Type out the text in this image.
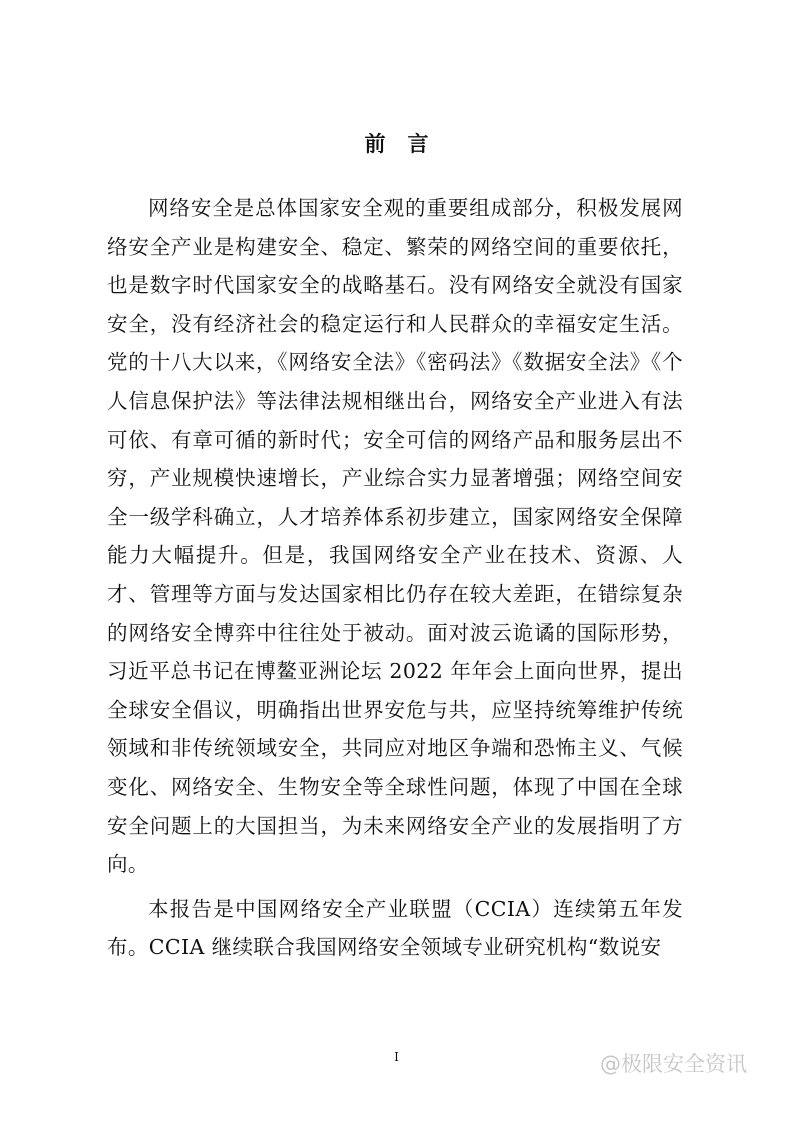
前言

网络安全是总体国家安全观的重要组成部分，积极发展网络安全产业是构建安全、稳定、繁荣的网络空间的重要依托，也是数字时代国家安全的战略基石。没有网络安全就没有国家安全，没有经济社会的稳定运行和人民群众的幸福安定生活。党的十八大以来，《网络安全法》《密码法》《数据安全法》《个人信息保护法》等法律法规相继出台，网络安全产业进入有法可依、有章可循的新时代；安全可信的网络产品和服务层出不穷，产业规模快速增长，产业综合实力显著增强；网络空间安全一级学科确立，人才培养体系初步建立，国家网络安全保障能力大幅提升。但是，我国网络安全产业在技术、资源、人才、管理等方面与发达国家相比仍存在较大差距，在错综复杂的网络安全博弈中往往处于被动。面对波云诡谲的国际形势，习近平总书记在博鳌亚洲论坛 2022 年年会上面向世界，提出全球安全倡议，明确指出世界安危与共，应坚持统筹维护传统领域和非传统领域安全，共同应对地区争端和恐怖主义、气候变化、网络安全、生物安全等全球性问题，体现了中国在全球安全问题上的大国担当，为未来网络安全产业的发展指明了方向。

本报告是中国网络安全产业联盟（CCIA）连续第五年发布。CCIA 继续联合我国网络安全领域专业研究机构“数说安

I	@极限安全资讯
